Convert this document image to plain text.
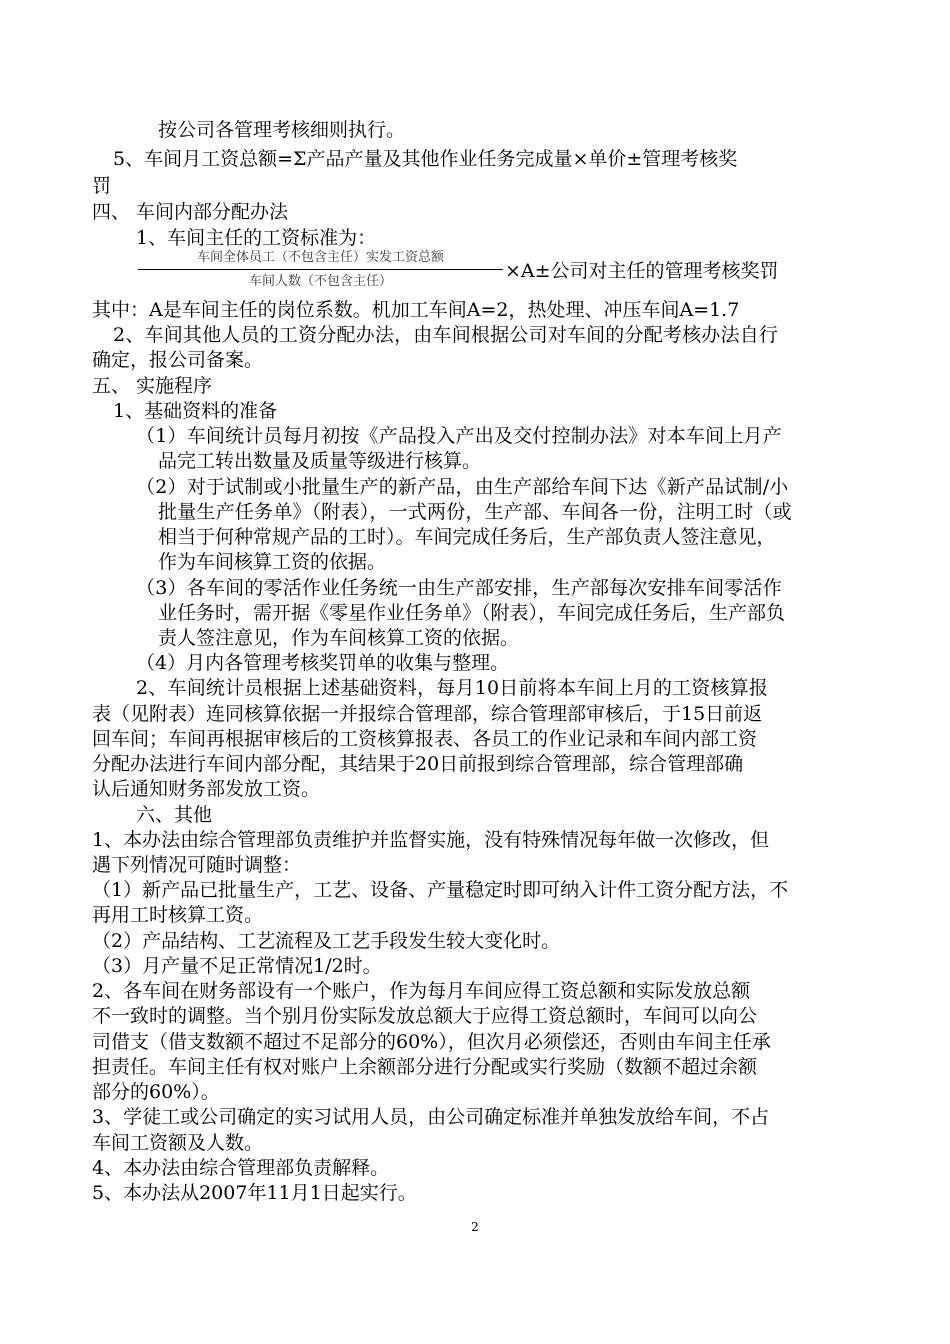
按公司各管理考核细则执行。
5、车间月工资总额=Σ产品产量及其他作业任务完成量×单价±管理考核奖
罚
四、 车间内部分配办法
1、车间主任的工资标准为：
车间全体员工（不包含主任）实发工资总额
车间人数（不包含主任）	×A±公司对主任的管理考核奖罚
其中：A是车间主任的岗位系数。机加工车间A=2，热处理、冲压车间A=1.7
2、车间其他人员的工资分配办法，由车间根据公司对车间的分配考核办法自行
确定，报公司备案。
五、 实施程序
1、基础资料的准备
（1）车间统计员每月初按《产品投入产出及交付控制办法》对本车间上月产
品完工转出数量及质量等级进行核算。
（2）对于试制或小批量生产的新产品，由生产部给车间下达《新产品试制/小
批量生产任务单》（附表），一式两份，生产部、车间各一份，注明工时（或
相当于何种常规产品的工时）。车间完成任务后，生产部负责人签注意见，
作为车间核算工资的依据。
（3）各车间的零活作业任务统一由生产部安排，生产部每次安排车间零活作
业任务时，需开据《零星作业任务单》（附表），车间完成任务后，生产部负
责人签注意见，作为车间核算工资的依据。
（4）月内各管理考核奖罚单的收集与整理。
2、车间统计员根据上述基础资料，每月10日前将本车间上月的工资核算报
表（见附表）连同核算依据一并报综合管理部，综合管理部审核后，于15日前返
回车间；车间再根据审核后的工资核算报表、各员工的作业记录和车间内部工资
分配办法进行车间内部分配，其结果于20日前报到综合管理部，综合管理部确
认后通知财务部发放工资。
六、其他
1、本办法由综合管理部负责维护并监督实施，没有特殊情况每年做一次修改，但
遇下列情况可随时调整：
（1）新产品已批量生产，工艺、设备、产量稳定时即可纳入计件工资分配方法，不
再用工时核算工资。
（2）产品结构、工艺流程及工艺手段发生较大变化时。
（3）月产量不足正常情况1/2时。
2、各车间在财务部设有一个账户，作为每月车间应得工资总额和实际发放总额
不一致时的调整。当个别月份实际发放总额大于应得工资总额时，车间可以向公
司借支（借支数额不超过不足部分的60%），但次月必须偿还，否则由车间主任承
担责任。车间主任有权对账户上余额部分进行分配或实行奖励（数额不超过余额
部分的60%）。
3、学徒工或公司确定的实习试用人员，由公司确定标准并单独发放给车间，不占
车间工资额及人数。
4、本办法由综合管理部负责解释。
5、本办法从2007年11月1日起实行。
2
